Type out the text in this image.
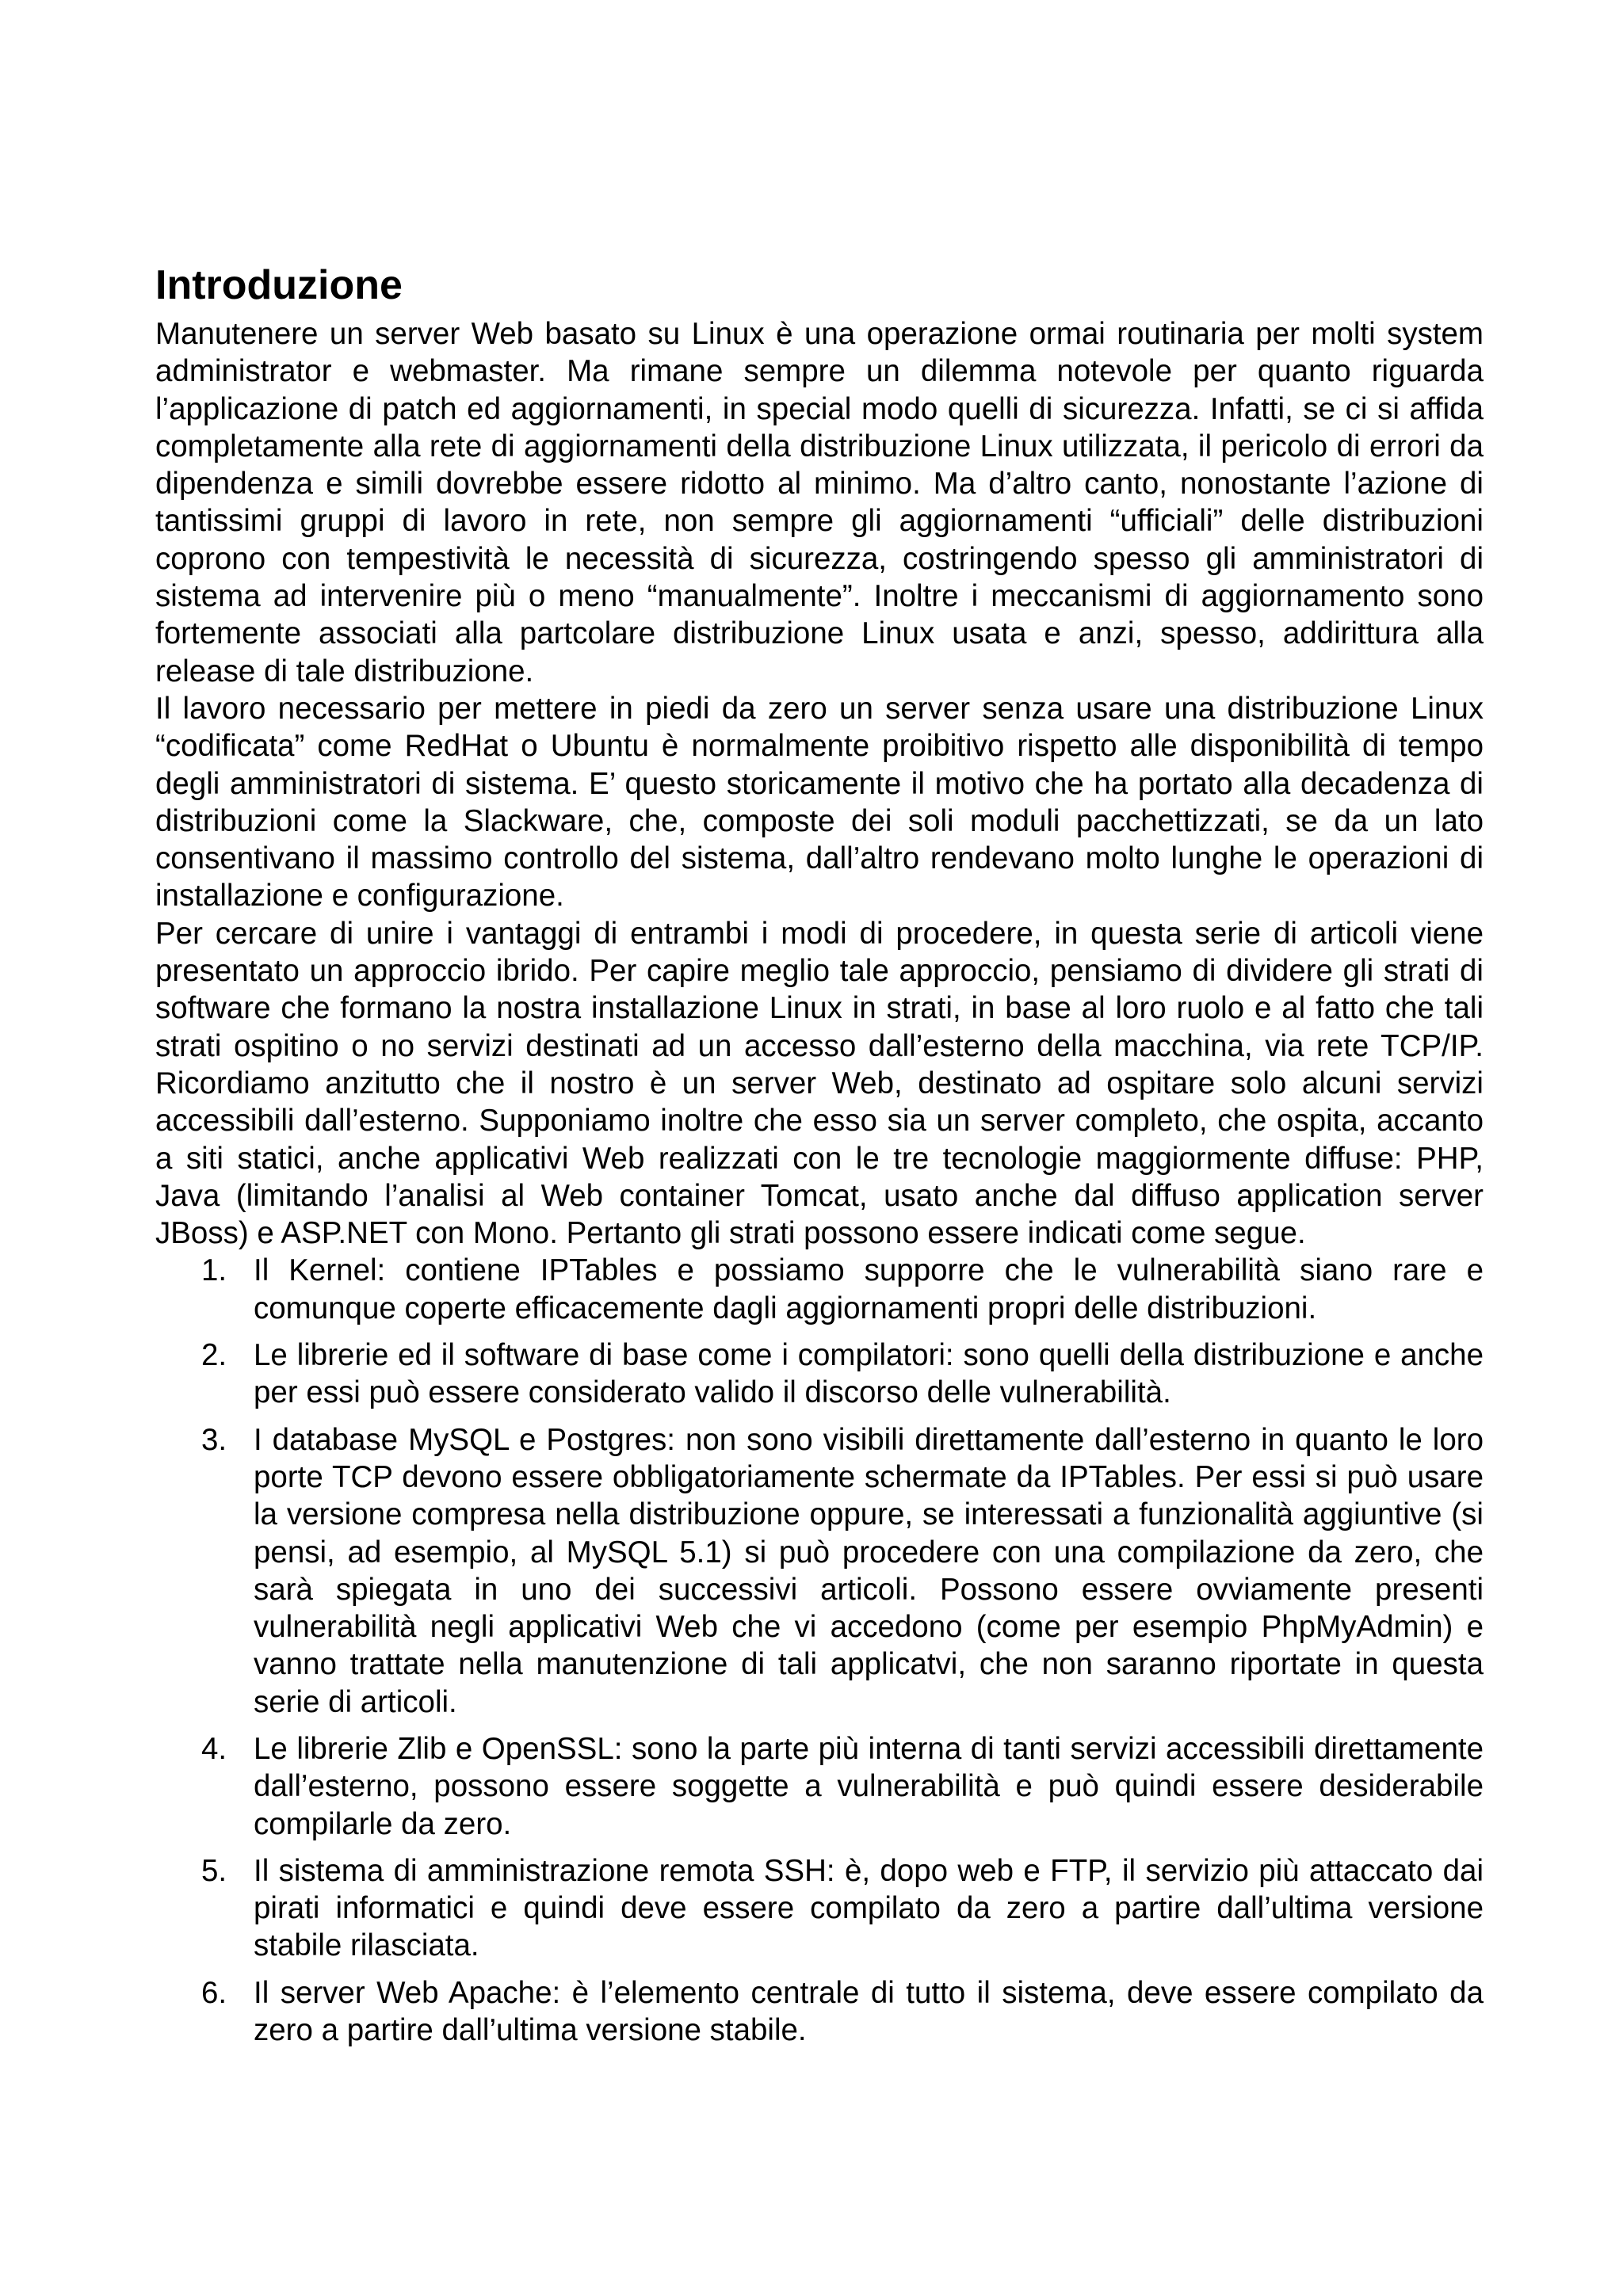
Introduzione

Manutenere un server Web basato su Linux è una operazione ormai routinaria per molti system administrator e webmaster. Ma rimane sempre un dilemma notevole per quanto riguarda l’applicazione di patch ed aggiornamenti, in special modo quelli di sicurezza. Infatti, se ci si affida completamente alla rete di aggiornamenti della distribuzione Linux utilizzata, il pericolo di errori da dipendenza e simili dovrebbe essere ridotto al minimo. Ma d’altro canto, nonostante l’azione di tantissimi gruppi di lavoro in rete, non sempre gli aggiornamenti “ufficiali” delle distribuzioni coprono con tempestività le necessità di sicurezza, costringendo spesso gli amministratori di sistema ad intervenire più o meno “manualmente”. Inoltre i meccanismi di aggiornamento sono fortemente associati alla partcolare distribuzione Linux usata e anzi, spesso, addirittura alla release di tale distribuzione.

Il lavoro necessario per mettere in piedi da zero un server senza usare una distribuzione Linux “codificata” come RedHat o Ubuntu è normalmente proibitivo rispetto alle disponibilità di tempo degli amministratori di sistema. E’ questo storicamente il motivo che ha portato alla decadenza di distribuzioni come la Slackware, che, composte dei soli moduli pacchettizzati, se da un lato consentivano il massimo controllo del sistema, dall’altro rendevano molto lunghe le operazioni di installazione e configurazione.

Per cercare di unire i vantaggi di entrambi i modi di procedere, in questa serie di articoli viene presentato un approccio ibrido. Per capire meglio tale approccio, pensiamo di dividere gli strati di software che formano la nostra installazione Linux in strati, in base al loro ruolo e al fatto che tali strati ospitino o no servizi destinati ad un accesso dall’esterno della macchina, via rete TCP/IP. Ricordiamo anzitutto che il nostro è un server Web, destinato ad ospitare solo alcuni servizi accessibili dall’esterno. Supponiamo inoltre che esso sia un server completo, che ospita, accanto a siti statici, anche applicativi Web realizzati con le tre tecnologie maggiormente diffuse: PHP, Java (limitando l’analisi al Web container Tomcat, usato anche dal diffuso application server JBoss) e ASP.NET con Mono. Pertanto gli strati possono essere indicati come segue.

1. Il Kernel: contiene IPTables e possiamo supporre che le vulnerabilità siano rare e comunque coperte efficacemente dagli aggiornamenti propri delle distribuzioni.
2. Le librerie ed il software di base come i compilatori: sono quelli della distribuzione e anche per essi può essere considerato valido il discorso delle vulnerabilità.
3. I database MySQL e Postgres: non sono visibili direttamente dall’esterno in quanto le loro porte TCP devono essere obbligatoriamente schermate da IPTables. Per essi si può usare la versione compresa nella distribuzione oppure, se interessati a funzionalità aggiuntive (si pensi, ad esempio, al MySQL 5.1) si può procedere con una compilazione da zero, che sarà spiegata in uno dei successivi articoli. Possono essere ovviamente presenti vulnerabilità negli applicativi Web che vi accedono (come per esempio PhpMyAdmin) e vanno trattate nella manutenzione di tali applicatvi, che non saranno riportate in questa serie di articoli.
4. Le librerie Zlib e OpenSSL: sono la parte più interna di tanti servizi accessibili direttamente dall’esterno, possono essere soggette a vulnerabilità e può quindi essere desiderabile compilarle da zero.
5. Il sistema di amministrazione remota SSH: è, dopo web e FTP, il servizio più attaccato dai pirati informatici e quindi deve essere compilato da zero a partire dall’ultima versione stabile rilasciata.
6. Il server Web Apache: è l’elemento centrale di tutto il sistema, deve essere compilato da zero a partire dall’ultima versione stabile.
